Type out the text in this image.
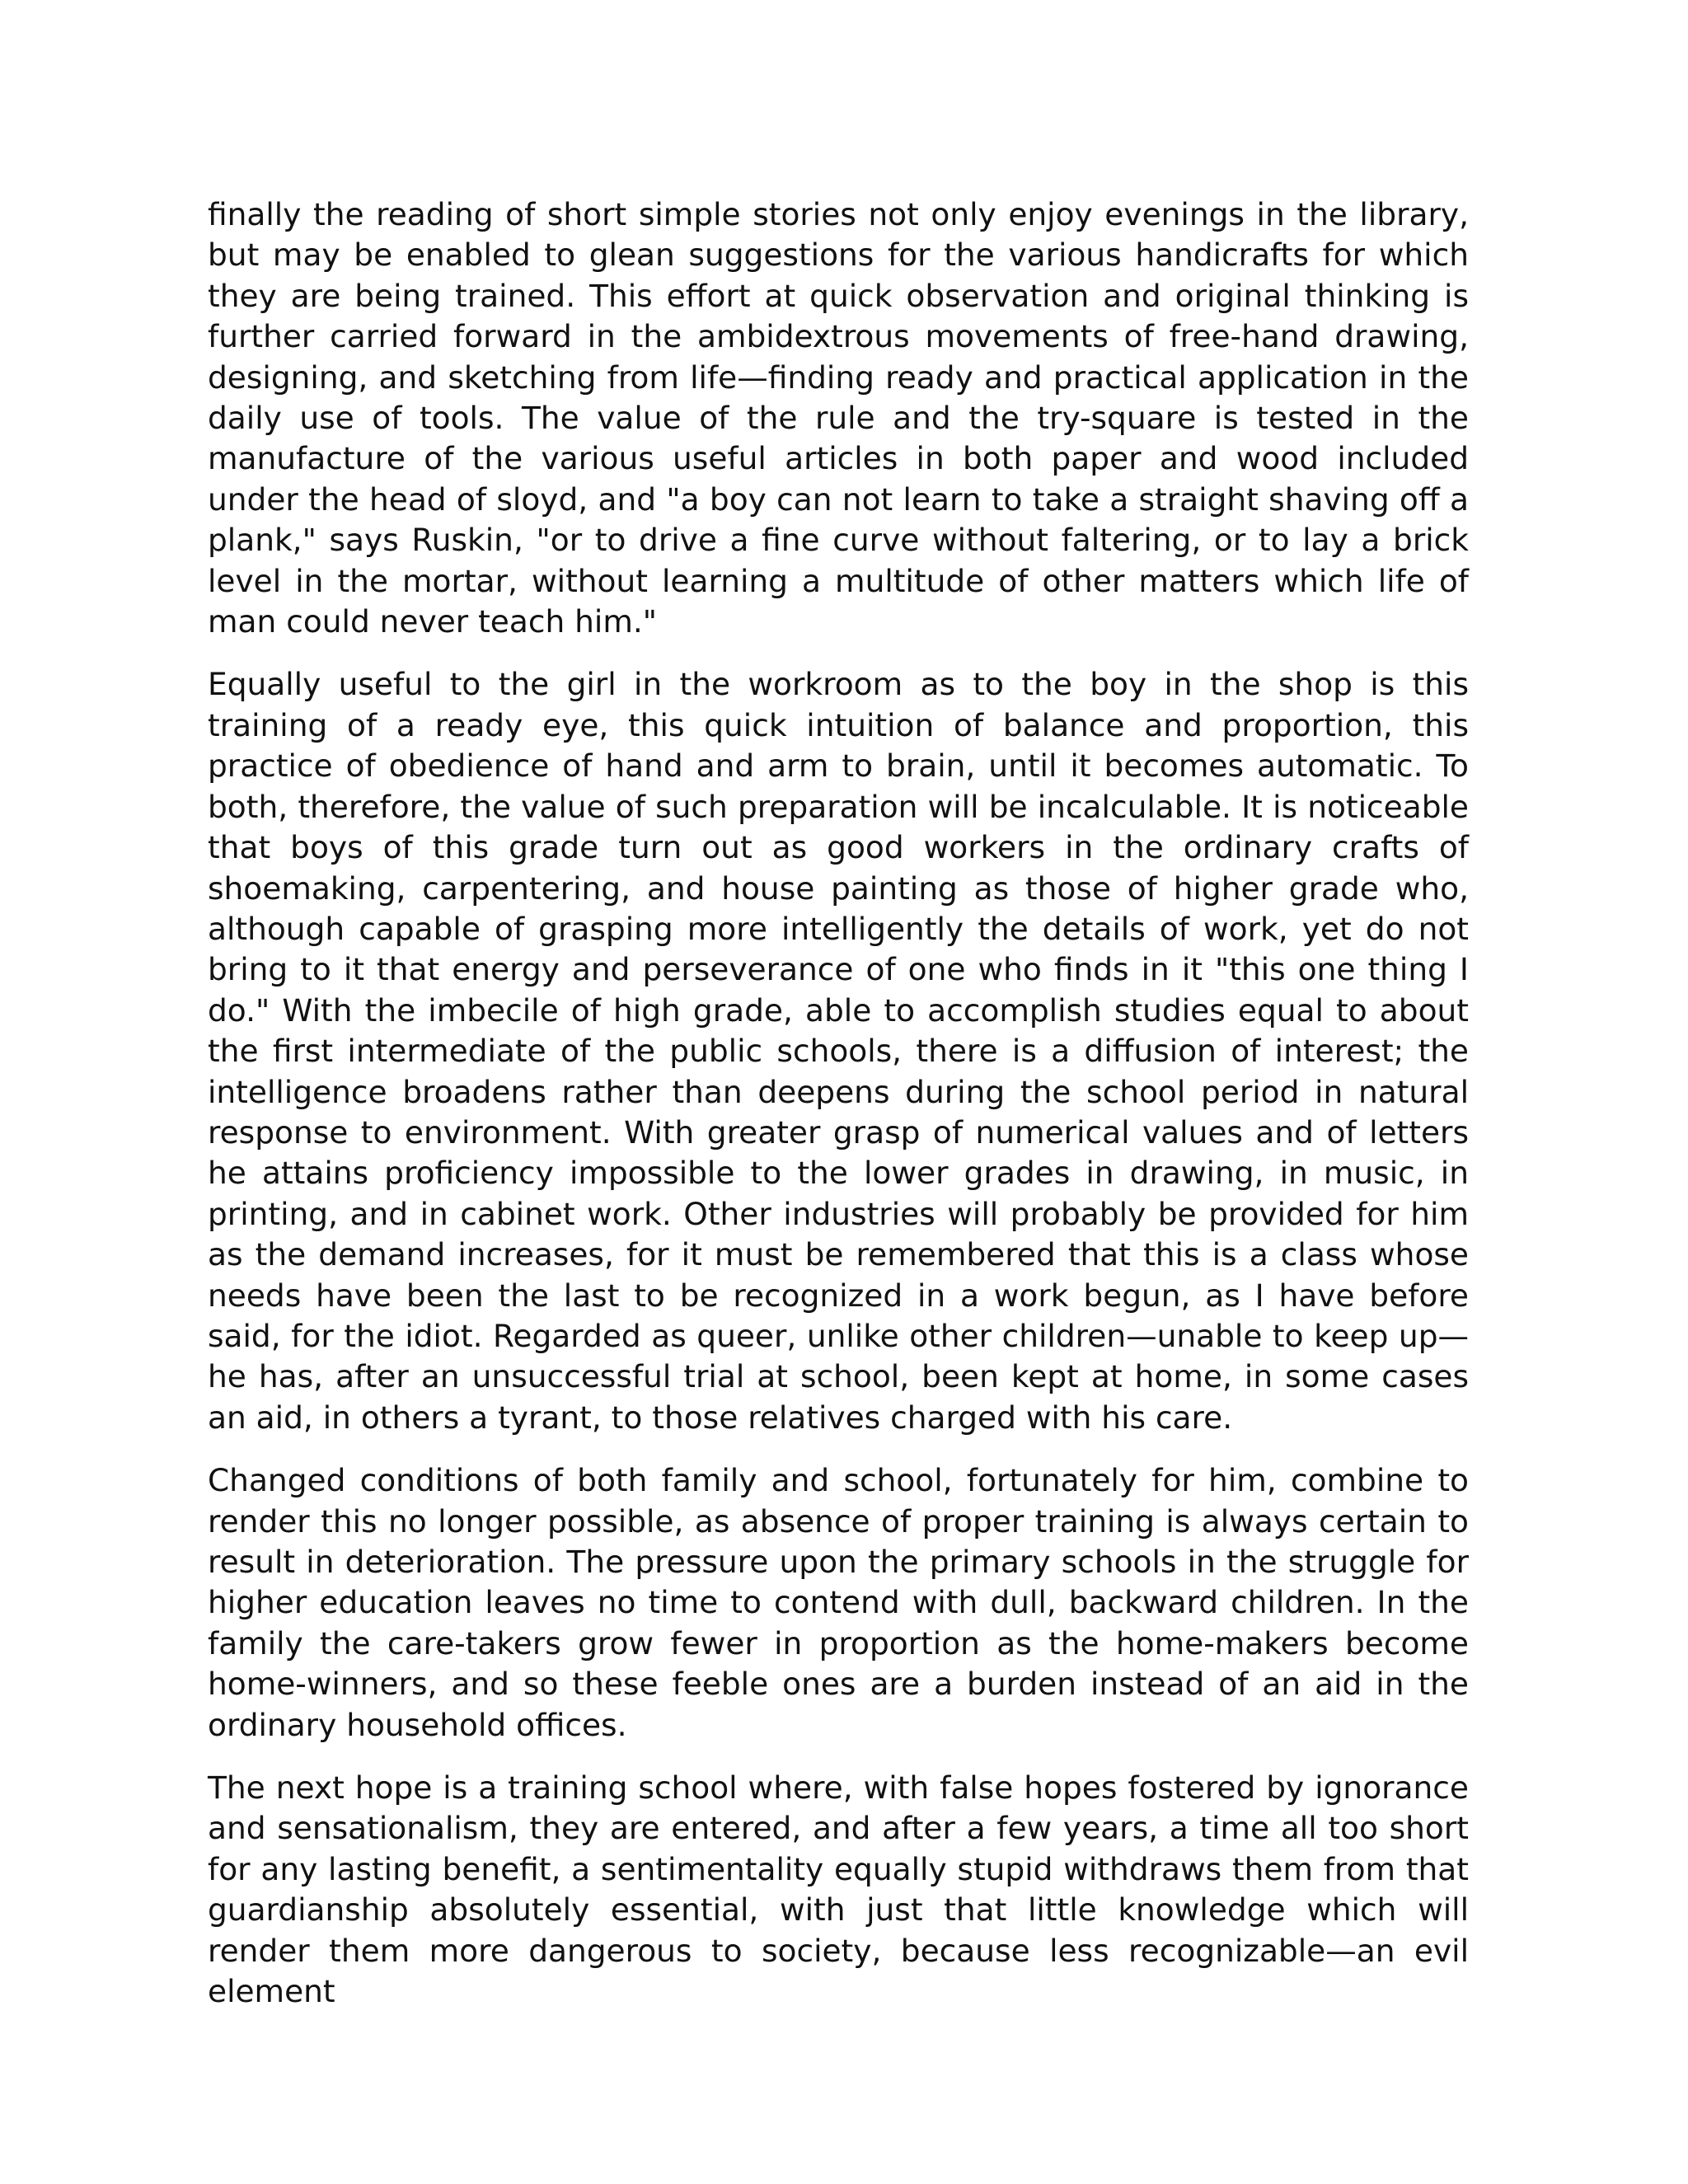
finally the reading of short simple stories not only enjoy evenings in the library, but may be enabled to glean suggestions for the various handicrafts for which they are being trained. This effort at quick observation and original thinking is further carried forward in the ambidextrous movements of free-hand drawing, designing, and sketching from life—finding ready and practical application in the daily use of tools. The value of the rule and the try-square is tested in the manufacture of the various useful articles in both paper and wood included under the head of sloyd, and "a boy can not learn to take a straight shaving off a plank," says Ruskin, "or to drive a fine curve without faltering, or to lay a brick level in the mortar, without learning a multitude of other matters which life of man could never teach him."

Equally useful to the girl in the workroom as to the boy in the shop is this training of a ready eye, this quick intuition of balance and proportion, this practice of obedience of hand and arm to brain, until it becomes automatic. To both, therefore, the value of such preparation will be incalculable. It is noticeable that boys of this grade turn out as good workers in the ordinary crafts of shoemaking, carpentering, and house painting as those of higher grade who, although capable of grasping more intelligently the details of work, yet do not bring to it that energy and perseverance of one who finds in it "this one thing I do." With the imbecile of high grade, able to accomplish studies equal to about the first intermediate of the public schools, there is a diffusion of interest; the intelligence broadens rather than deepens during the school period in natural response to environment. With greater grasp of numerical values and of letters he attains proficiency impossible to the lower grades in drawing, in music, in printing, and in cabinet work. Other industries will probably be provided for him as the demand increases, for it must be remembered that this is a class whose needs have been the last to be recognized in a work begun, as I have before said, for the idiot. Regarded as queer, unlike other children—unable to keep up—he has, after an unsuccessful trial at school, been kept at home, in some cases an aid, in others a tyrant, to those relatives charged with his care.

Changed conditions of both family and school, fortunately for him, combine to render this no longer possible, as absence of proper training is always certain to result in deterioration. The pressure upon the primary schools in the struggle for higher education leaves no time to contend with dull, backward children. In the family the care-takers grow fewer in proportion as the home-makers become home-winners, and so these feeble ones are a burden instead of an aid in the ordinary household offices.

The next hope is a training school where, with false hopes fostered by ignorance and sensationalism, they are entered, and after a few years, a time all too short for any lasting benefit, a sentimentality equally stupid withdraws them from that guardianship absolutely essential, with just that little knowledge which will render them more dangerous to society, because less recognizable—an evil element
